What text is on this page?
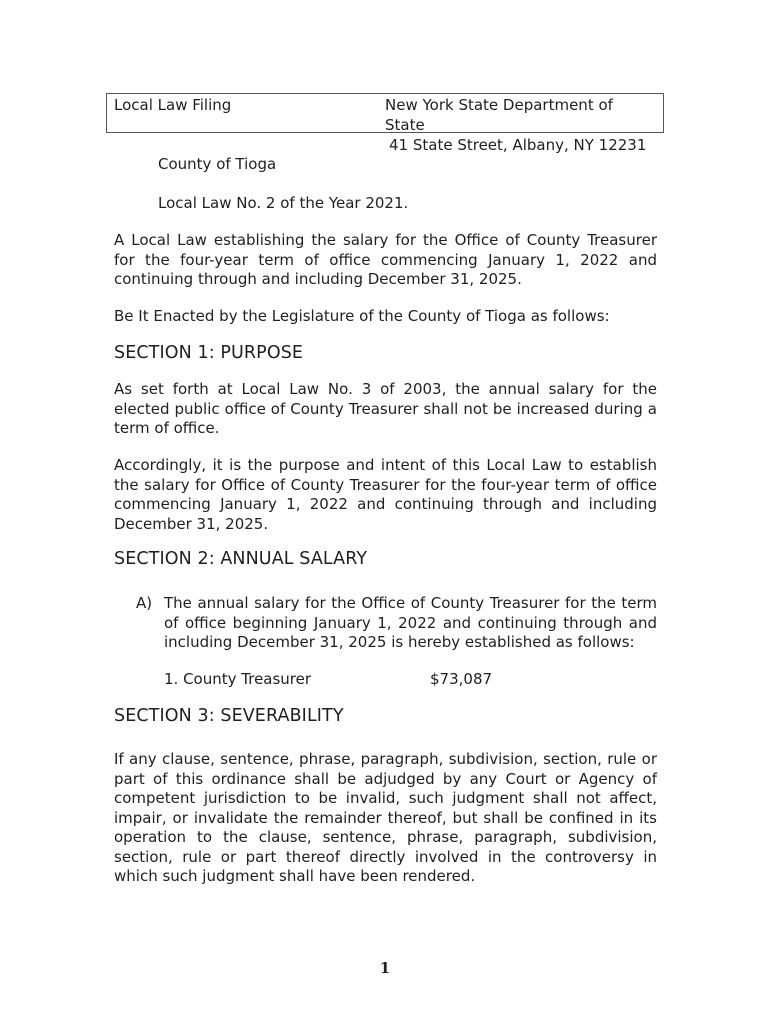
Local Law Filing	New York State Department of State
41 State Street, Albany, NY 12231
County of Tioga
Local Law No. 2 of the Year 2021.

A Local Law establishing the salary for the Office of County Treasurer for the four-year term of office commencing January 1, 2022 and continuing through and including December 31, 2025.

Be It Enacted by the Legislature of the County of Tioga as follows:

SECTION 1: PURPOSE

As set forth at Local Law No. 3 of 2003, the annual salary for the elected public office of County Treasurer shall not be increased during a term of office.

Accordingly, it is the purpose and intent of this Local Law to establish the salary for Office of County Treasurer for the four-year term of office commencing January 1, 2022 and continuing through and including December 31, 2025.

SECTION 2: ANNUAL SALARY
A) The annual salary for the Office of County Treasurer for the term of office beginning January 1, 2022 and continuing through and including December 31, 2025 is hereby established as follows:

1. County Treasurer	$73,087
SECTION 3: SEVERABILITY

If any clause, sentence, phrase, paragraph, subdivision, section, rule or part of this ordinance shall be adjudged by any Court or Agency of competent jurisdiction to be invalid, such judgment shall not affect, impair, or invalidate the remainder thereof, but shall be confined in its operation to the clause, sentence, phrase, paragraph, subdivision, section, rule or part thereof directly involved in the controversy in which such judgment shall have been rendered.

1
